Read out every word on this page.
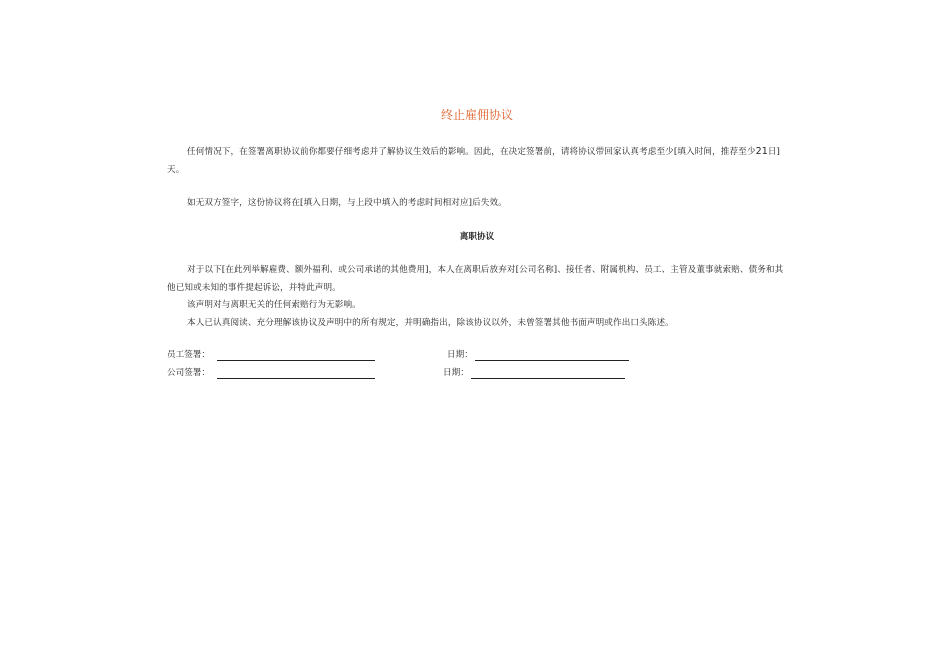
终止雇佣协议

任何情况下，在签署离职协议前你都要仔细考虑并了解协议生效后的影响。因此，在决定签署前，请将协议带回家认真考虑至少[填入时间，推荐至少21日]天。

如无双方签字，这份协议将在[填入日期，与上段中填入的考虑时间相对应]后失效。

离职协议

对于以下[在此列举解雇费、额外福利、或公司承诺的其他费用]，本人在离职后放弃对[公司名称]、接任者、附属机构、员工、主管及董事就索赔、债务和其他已知或未知的事件提起诉讼，并特此声明。

该声明对与离职无关的任何索赔行为无影响。

本人已认真阅读、充分理解该协议及声明中的所有规定，并明确指出，除该协议以外，未曾签署其他书面声明或作出口头陈述。

员工签署：	日期：
公司签署：	日期：
